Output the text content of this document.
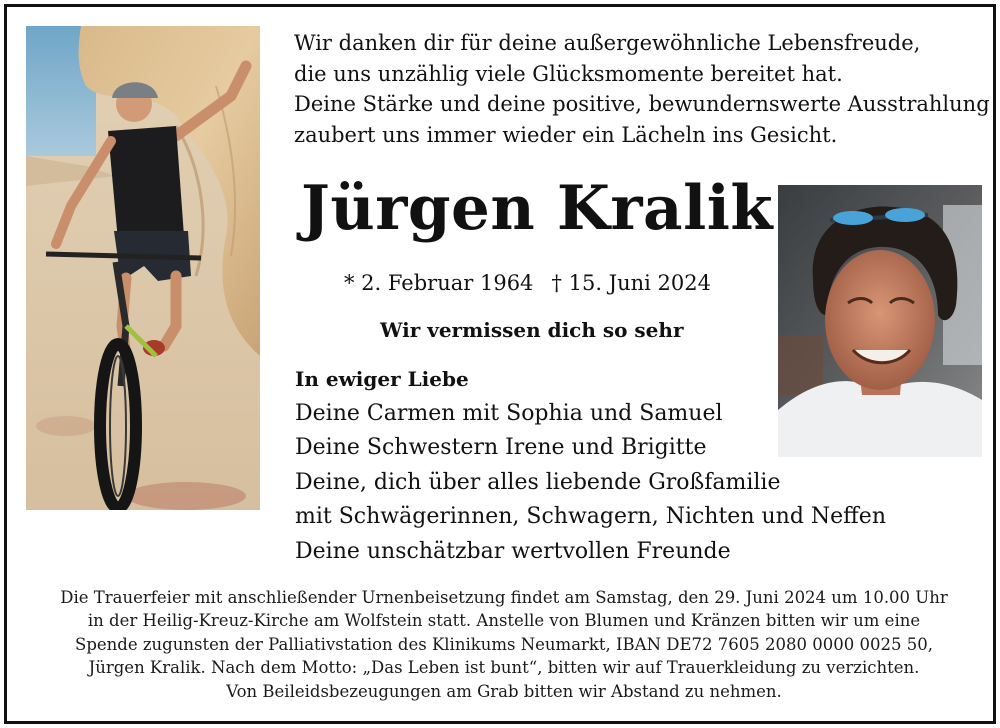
Wir danken dir für deine außergewöhnliche Lebensfreude,
die uns unzählig viele Glücksmomente bereitet hat.
Deine Stärke und deine positive, bewundernswerte Ausstrahlung
zaubert uns immer wieder ein Lächeln ins Gesicht.
Jürgen Kralik
* 2. Februar 1964 † 15. Juni 2024
Wir vermissen dich so sehr
In ewiger Liebe
Deine Carmen mit Sophia und Samuel
Deine Schwestern Irene und Brigitte
Deine, dich über alles liebende Großfamilie
mit Schwägerinnen, Schwagern, Nichten und Neffen
Deine unschätzbar wertvollen Freunde
Die Trauerfeier mit anschließender Urnenbeisetzung findet am Samstag, den 29. Juni 2024 um 10.00 Uhr
in der Heilig-Kreuz-Kirche am Wolfstein statt. Anstelle von Blumen und Kränzen bitten wir um eine
Spende zugunsten der Palliativstation des Klinikums Neumarkt, IBAN DE72 7605 2080 0000 0025 50,
Jürgen Kralik. Nach dem Motto: „Das Leben ist bunt“, bitten wir auf Trauerkleidung zu verzichten.
Von Beileidsbezeugungen am Grab bitten wir Abstand zu nehmen.
